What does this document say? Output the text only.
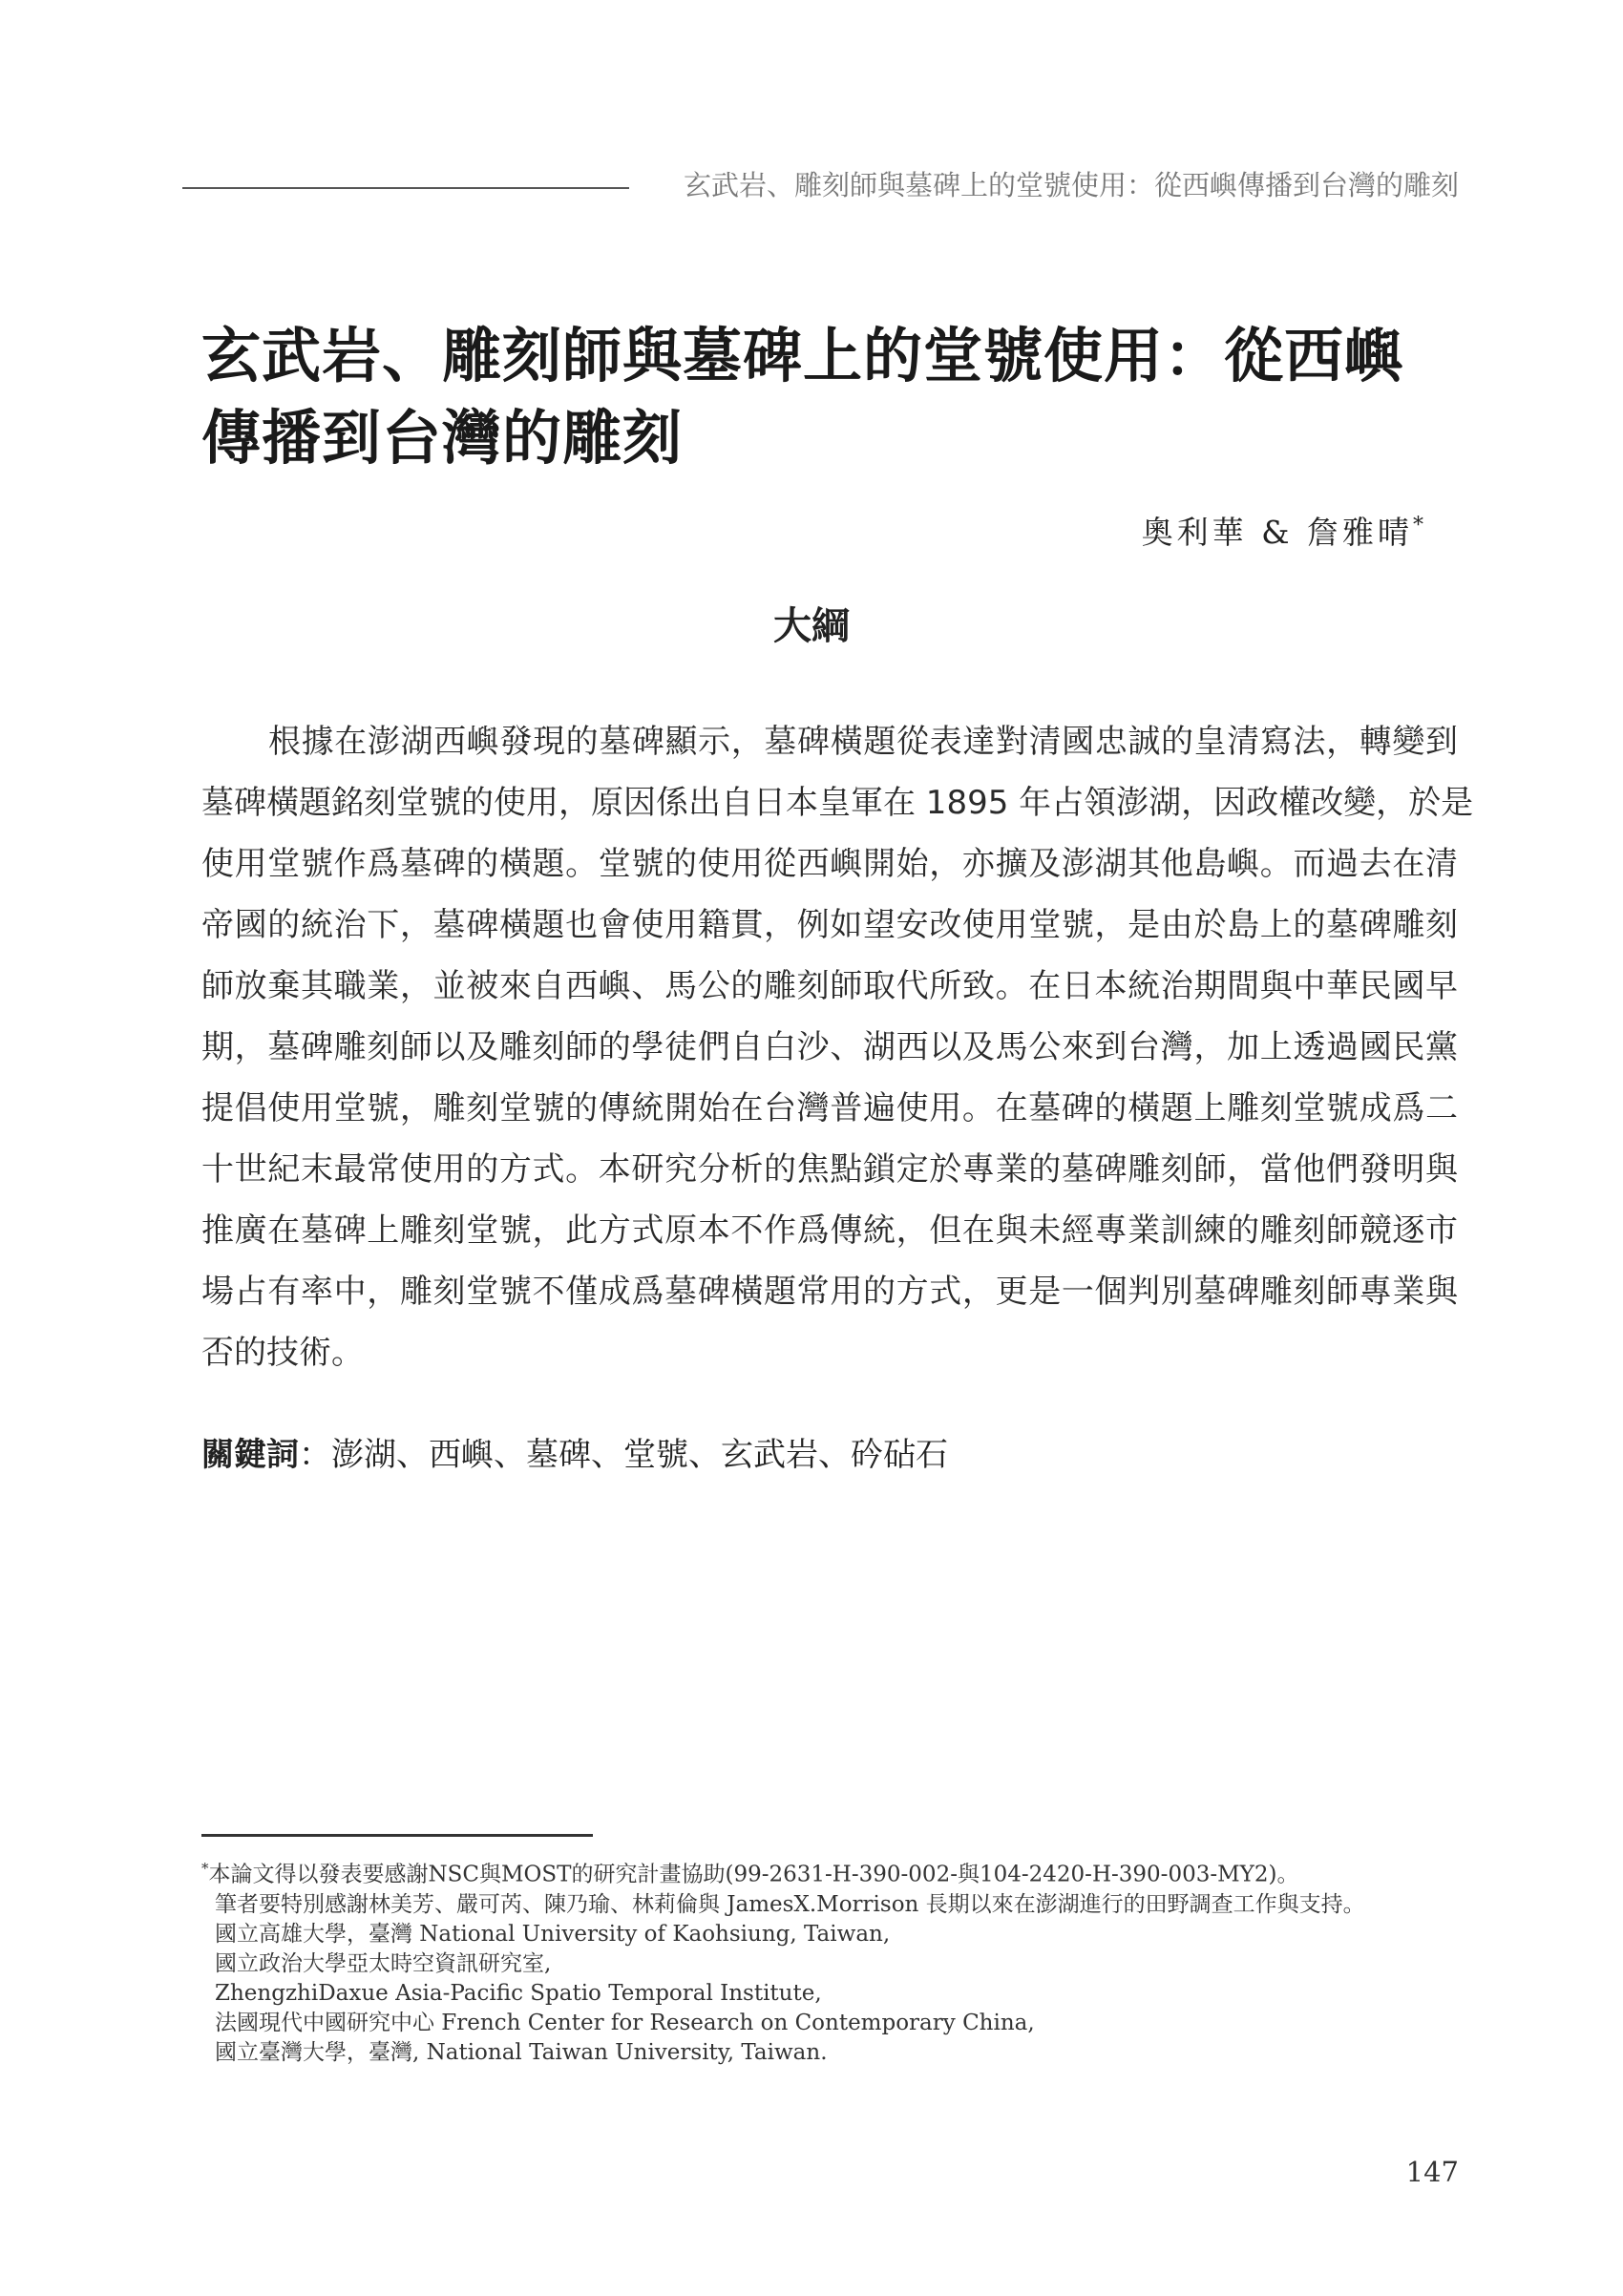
玄武岩、雕刻師與墓碑上的堂號使用：從西嶼傳播到台灣的雕刻
玄武岩、雕刻師與墓碑上的堂號使用：從西嶼
傳播到台灣的雕刻
奧利華 & 詹雅晴*
大綱
根據在澎湖西嶼發現的墓碑顯示，墓碑橫題從表達對清國忠誠的皇清寫法，轉變到
墓碑橫題銘刻堂號的使用，原因係出自日本皇軍在 1895 年占領澎湖，因政權改變，於是
使用堂號作爲墓碑的橫題。堂號的使用從西嶼開始，亦擴及澎湖其他島嶼。而過去在清
帝國的統治下，墓碑橫題也會使用籍貫，例如望安改使用堂號，是由於島上的墓碑雕刻
師放棄其職業，並被來自西嶼、馬公的雕刻師取代所致。在日本統治期間與中華民國早
期，墓碑雕刻師以及雕刻師的學徒們自白沙、湖西以及馬公來到台灣，加上透過國民黨
提倡使用堂號，雕刻堂號的傳統開始在台灣普遍使用。在墓碑的橫題上雕刻堂號成爲二
十世紀末最常使用的方式。本研究分析的焦點鎖定於專業的墓碑雕刻師，當他們發明與
推廣在墓碑上雕刻堂號，此方式原本不作爲傳統，但在與未經專業訓練的雕刻師競逐市
場占有率中，雕刻堂號不僅成爲墓碑橫題常用的方式，更是一個判別墓碑雕刻師專業與
否的技術。
關鍵詞：澎湖、西嶼、墓碑、堂號、玄武岩、砛砧石
*本論文得以發表要感謝NSC與MOST的研究計畫協助(99-2631-H-390-002-與104-2420-H-390-003-MY2)。
筆者要特別感謝林美芳、嚴可芮、陳乃瑜、林莉倫與 JamesX.Morrison 長期以來在澎湖進行的田野調查工作與支持。
國立高雄大學，臺灣 National University of Kaohsiung, Taiwan,
國立政治大學亞太時空資訊研究室,
ZhengzhiDaxue Asia-Pacific Spatio Temporal Institute,
法國現代中國研究中心 French Center for Research on Contemporary China,
國立臺灣大學，臺灣, National Taiwan University, Taiwan.
147
